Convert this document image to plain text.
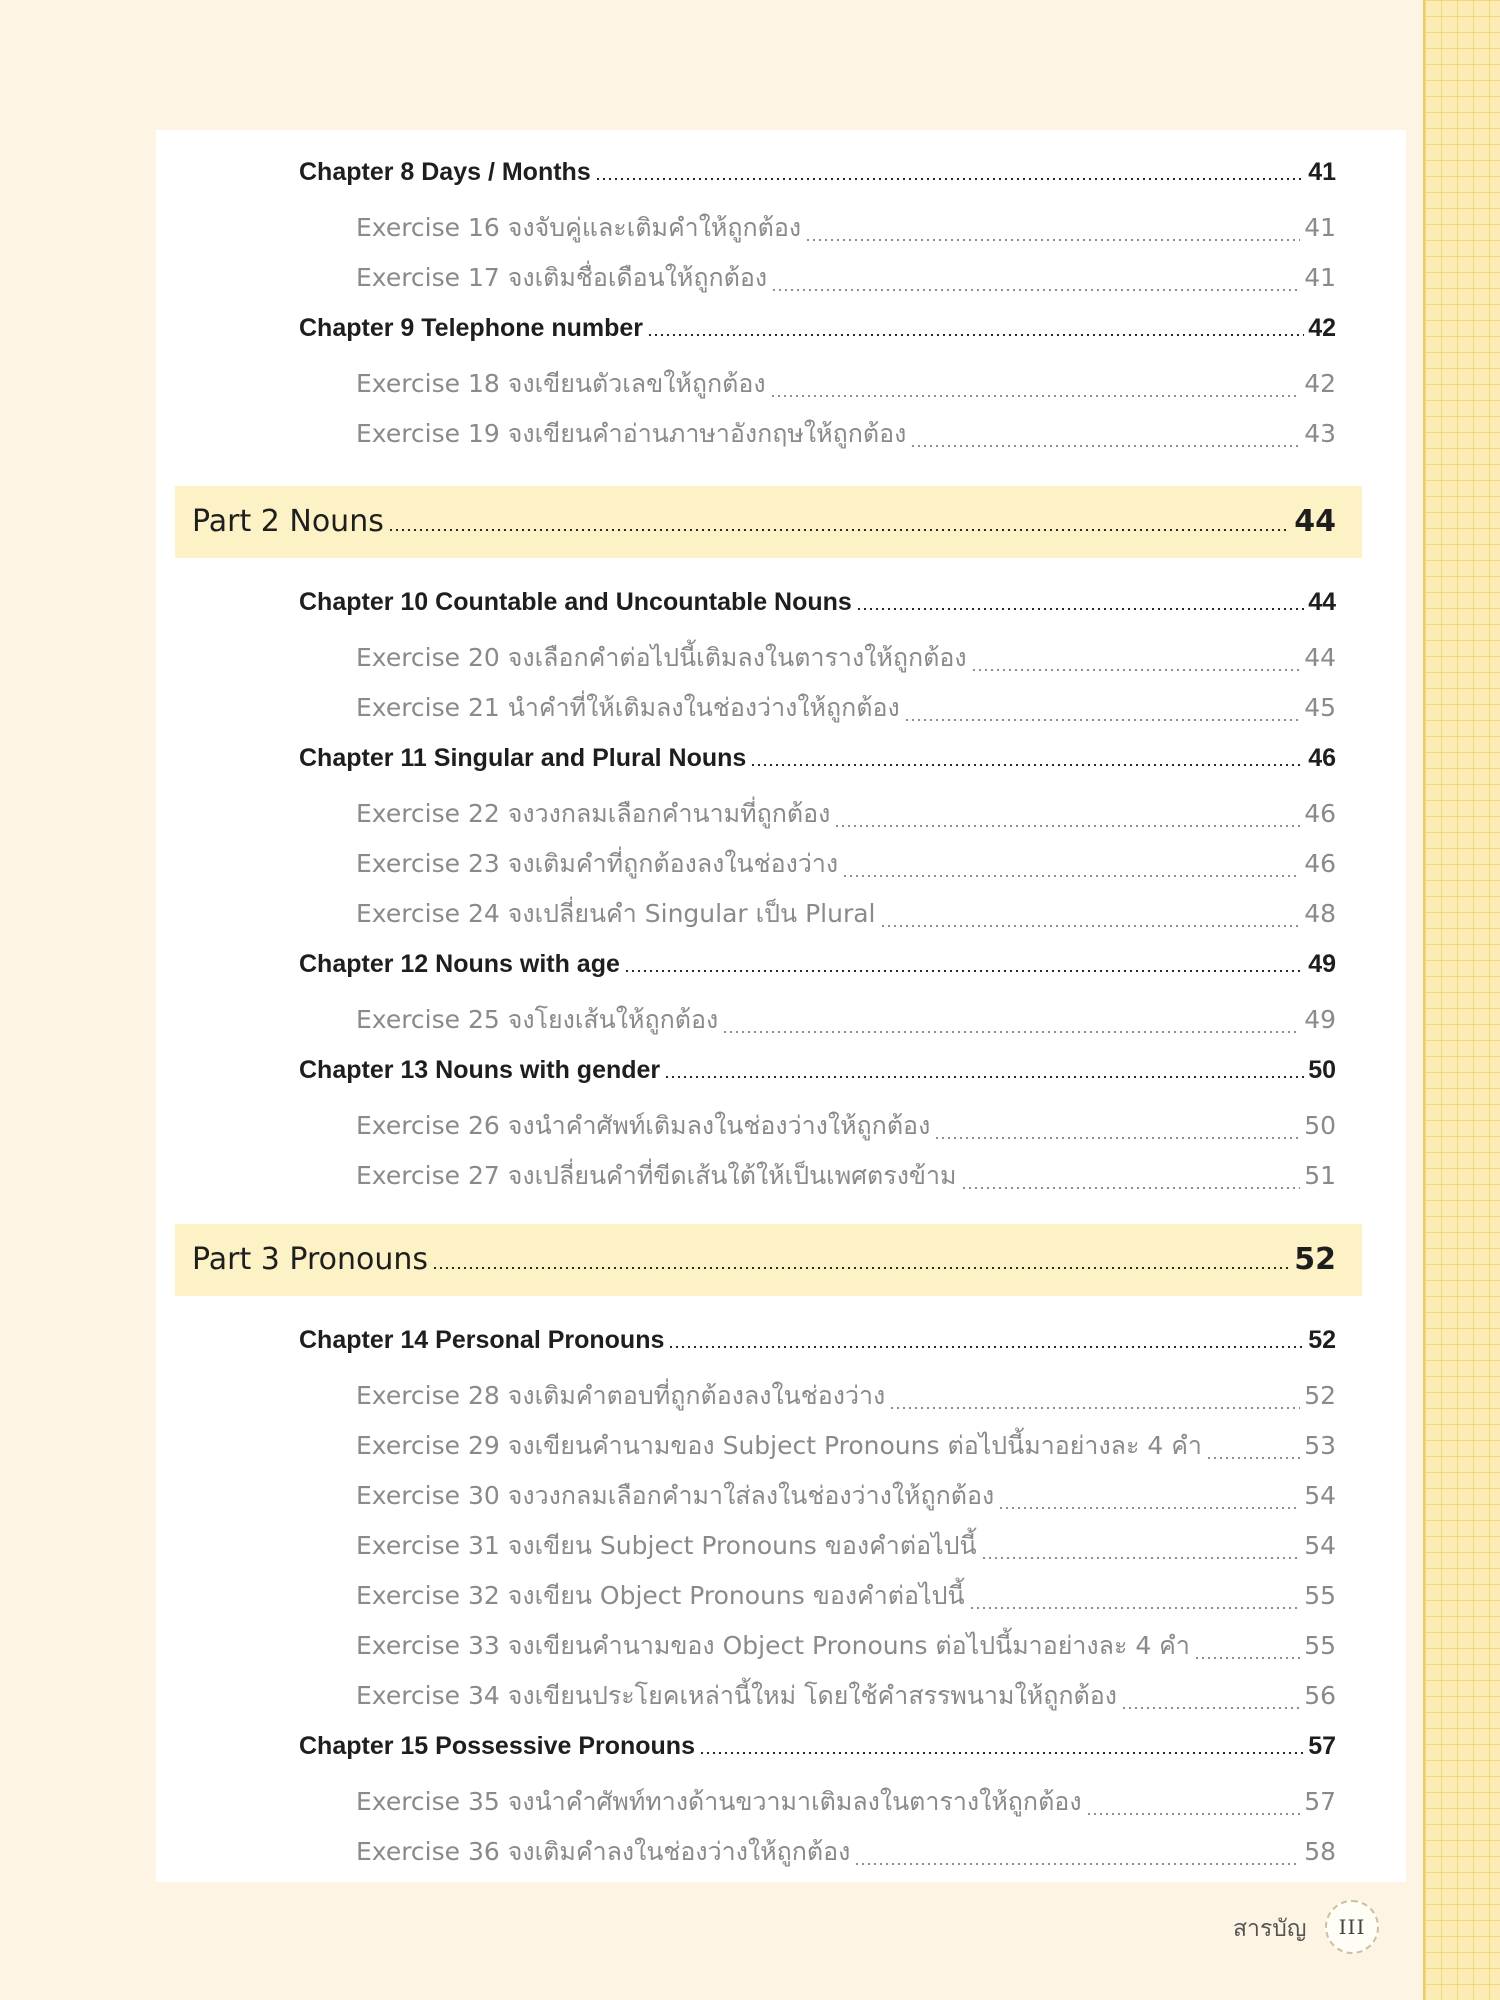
Chapter 8 Days / Months	41
Exercise 16 จงจับคู่และเติมคำให้ถูกต้อง	41
Exercise 17 จงเติมชื่อเดือนให้ถูกต้อง	41
Chapter 9 Telephone number	42
Exercise 18 จงเขียนตัวเลขให้ถูกต้อง	42
Exercise 19 จงเขียนคำอ่านภาษาอังกฤษให้ถูกต้อง	43
Part 2 Nouns	44
Chapter 10 Countable and Uncountable Nouns	44
Exercise 20 จงเลือกคำต่อไปนี้เติมลงในตารางให้ถูกต้อง	44
Exercise 21 นำคำที่ให้เติมลงในช่องว่างให้ถูกต้อง	45
Chapter 11 Singular and Plural Nouns	46
Exercise 22 จงวงกลมเลือกคำนามที่ถูกต้อง	46
Exercise 23 จงเติมคำที่ถูกต้องลงในช่องว่าง	46
Exercise 24 จงเปลี่ยนคำ Singular เป็น Plural	48
Chapter 12 Nouns with age	49
Exercise 25 จงโยงเส้นให้ถูกต้อง	49
Chapter 13 Nouns with gender	50
Exercise 26 จงนำคำศัพท์เติมลงในช่องว่างให้ถูกต้อง	50
Exercise 27 จงเปลี่ยนคำที่ขีดเส้นใต้ให้เป็นเพศตรงข้าม	51
Part 3 Pronouns	52
Chapter 14 Personal Pronouns	52
Exercise 28 จงเติมคำตอบที่ถูกต้องลงในช่องว่าง	52
Exercise 29 จงเขียนคำนามของ Subject Pronouns ต่อไปนี้มาอย่างละ 4 คำ	53
Exercise 30 จงวงกลมเลือกคำมาใส่ลงในช่องว่างให้ถูกต้อง	54
Exercise 31 จงเขียน Subject Pronouns ของคำต่อไปนี้	54
Exercise 32 จงเขียน Object Pronouns ของคำต่อไปนี้	55
Exercise 33 จงเขียนคำนามของ Object Pronouns ต่อไปนี้มาอย่างละ 4 คำ	55
Exercise 34 จงเขียนประโยคเหล่านี้ใหม่ โดยใช้คำสรรพนามให้ถูกต้อง	56
Chapter 15 Possessive Pronouns	57
Exercise 35 จงนำคำศัพท์ทางด้านขวามาเติมลงในตารางให้ถูกต้อง	57
Exercise 36 จงเติมคำลงในช่องว่างให้ถูกต้อง	58
สารบัญ III
